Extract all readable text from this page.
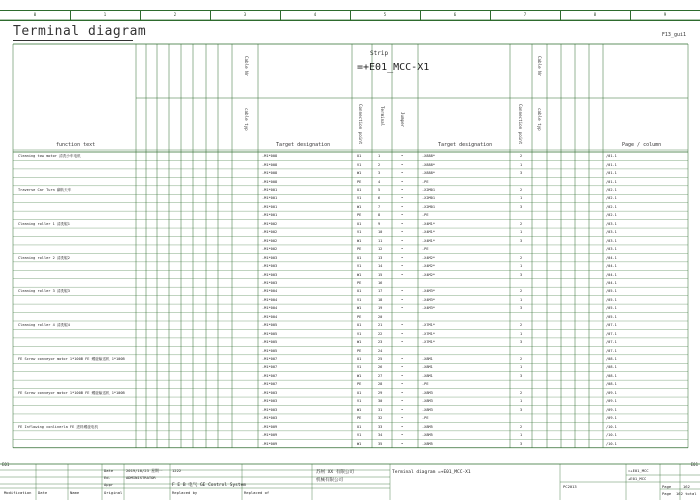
0	1	2	3	4	5	6	7	8	9
Terminal diagram	F13_gui1
E01	E01
Strip
=+E01_MCC-X1
Cable Nr
cable typ
Cable Nr
cable typ
Connection point	Terminal	Jumper	Connection point
function text	Target designation	Target designation	Page / column
Cleaning tow motor 清洗小车电机	-M1*008	U1	1	•	-X888*	2	/01.1
-M1*008	V1	2	•	-X888*	1	/01.1
-M1*008	W1	3	•	-X888*	3	/01.1
-M1*008	PE	4	•	-PE	/01.1
Traverse Car Turn 翻转天车	-M1*001	U1	5	•	-X2M01	2	/02.1
-M1*001	V1	6	•	-X2M01	1	/02.1
-M1*001	W1	7	•	-X2M01	3	/02.1
-M1*001	PE	8	•	-PE	/02.1
Cleaning roller 1 清洗辊1	-M1*002	U1	9	•	-X4M1*	2	/03.1
-M1*002	V1	10	•	-X4M1*	1	/03.1
-M1*002	W1	11	•	-X4M1*	3	/03.1
-M1*002	PE	12	•	-PE	/03.1
Cleaning roller 2 清洗辊2	-M1*003	U1	13	•	-X4M2*	2	/04.1
-M1*003	V1	14	•	-X4M2*	1	/04.1
-M1*003	W1	15	•	-X4M2*	3	/04.1
-M1*003	PE	16	/04.1
Cleaning roller 3 清洗辊3	-M1*004	U1	17	•	-X4M3*	2	/05.1
-M1*004	V1	18	•	-X4M3*	1	/05.1
-M1*004	W1	19	•	-X4M3*	3	/05.1
-M1*004	PE	20	/05.1
Cleaning roller 4 清洗辊4	-M1*005	U1	21	•	-X7M1*	2	/07.1
-M1*005	V1	22	•	-X7M1*	1	/07.1
-M1*005	W1	23	•	-X7M1*	3	/07.1
-M1*005	PE	24	/07.1
FE Screw conveyor motor 1*100B FE 螺旋输送机 1*100B	-M1*007	U1	25	•	-X8M1	2	/08.1
-M1*007	V1	26	•	-X8M1	1	/08.1
-M1*007	W1	27	•	-X8M1	3	/08.1
-M1*007	PE	28	•	-PE	/08.1
FE Screw conveyor motor 1*100B FE 螺旋输送机 1*100B	-M1*003	U1	29	•	-X8M3	2	/09.1
-M1*003	V1	30	•	-X8M3	1	/09.1
-M1*003	W1	31	•	-X8M3	3	/09.1
-M1*003	PE	32	•	-PE	/09.1
FE Inflowing conlinerla FE 进料螺旋电机	-M1*009	U1	33	•	-X8M5	2	/10.1
-M1*009	V1	34	•	-X8M5	1	/10.1
-M1*009	W1	35	•	-X8M5	3	/10.1
Date	2019/10/23 星期一 1222
Ed.	ADMINISTRATOR
Appr	F E B 电气 GE Control System
Modification Date	Name	Original	Replaced by	Replaced of
苏州 XX 有限公司
机械有限公司
Terminal diagram =+E01_MCC-X1	=+E01_MCC
+E01_MCC
PC2013	Page	162
Page 162 total
